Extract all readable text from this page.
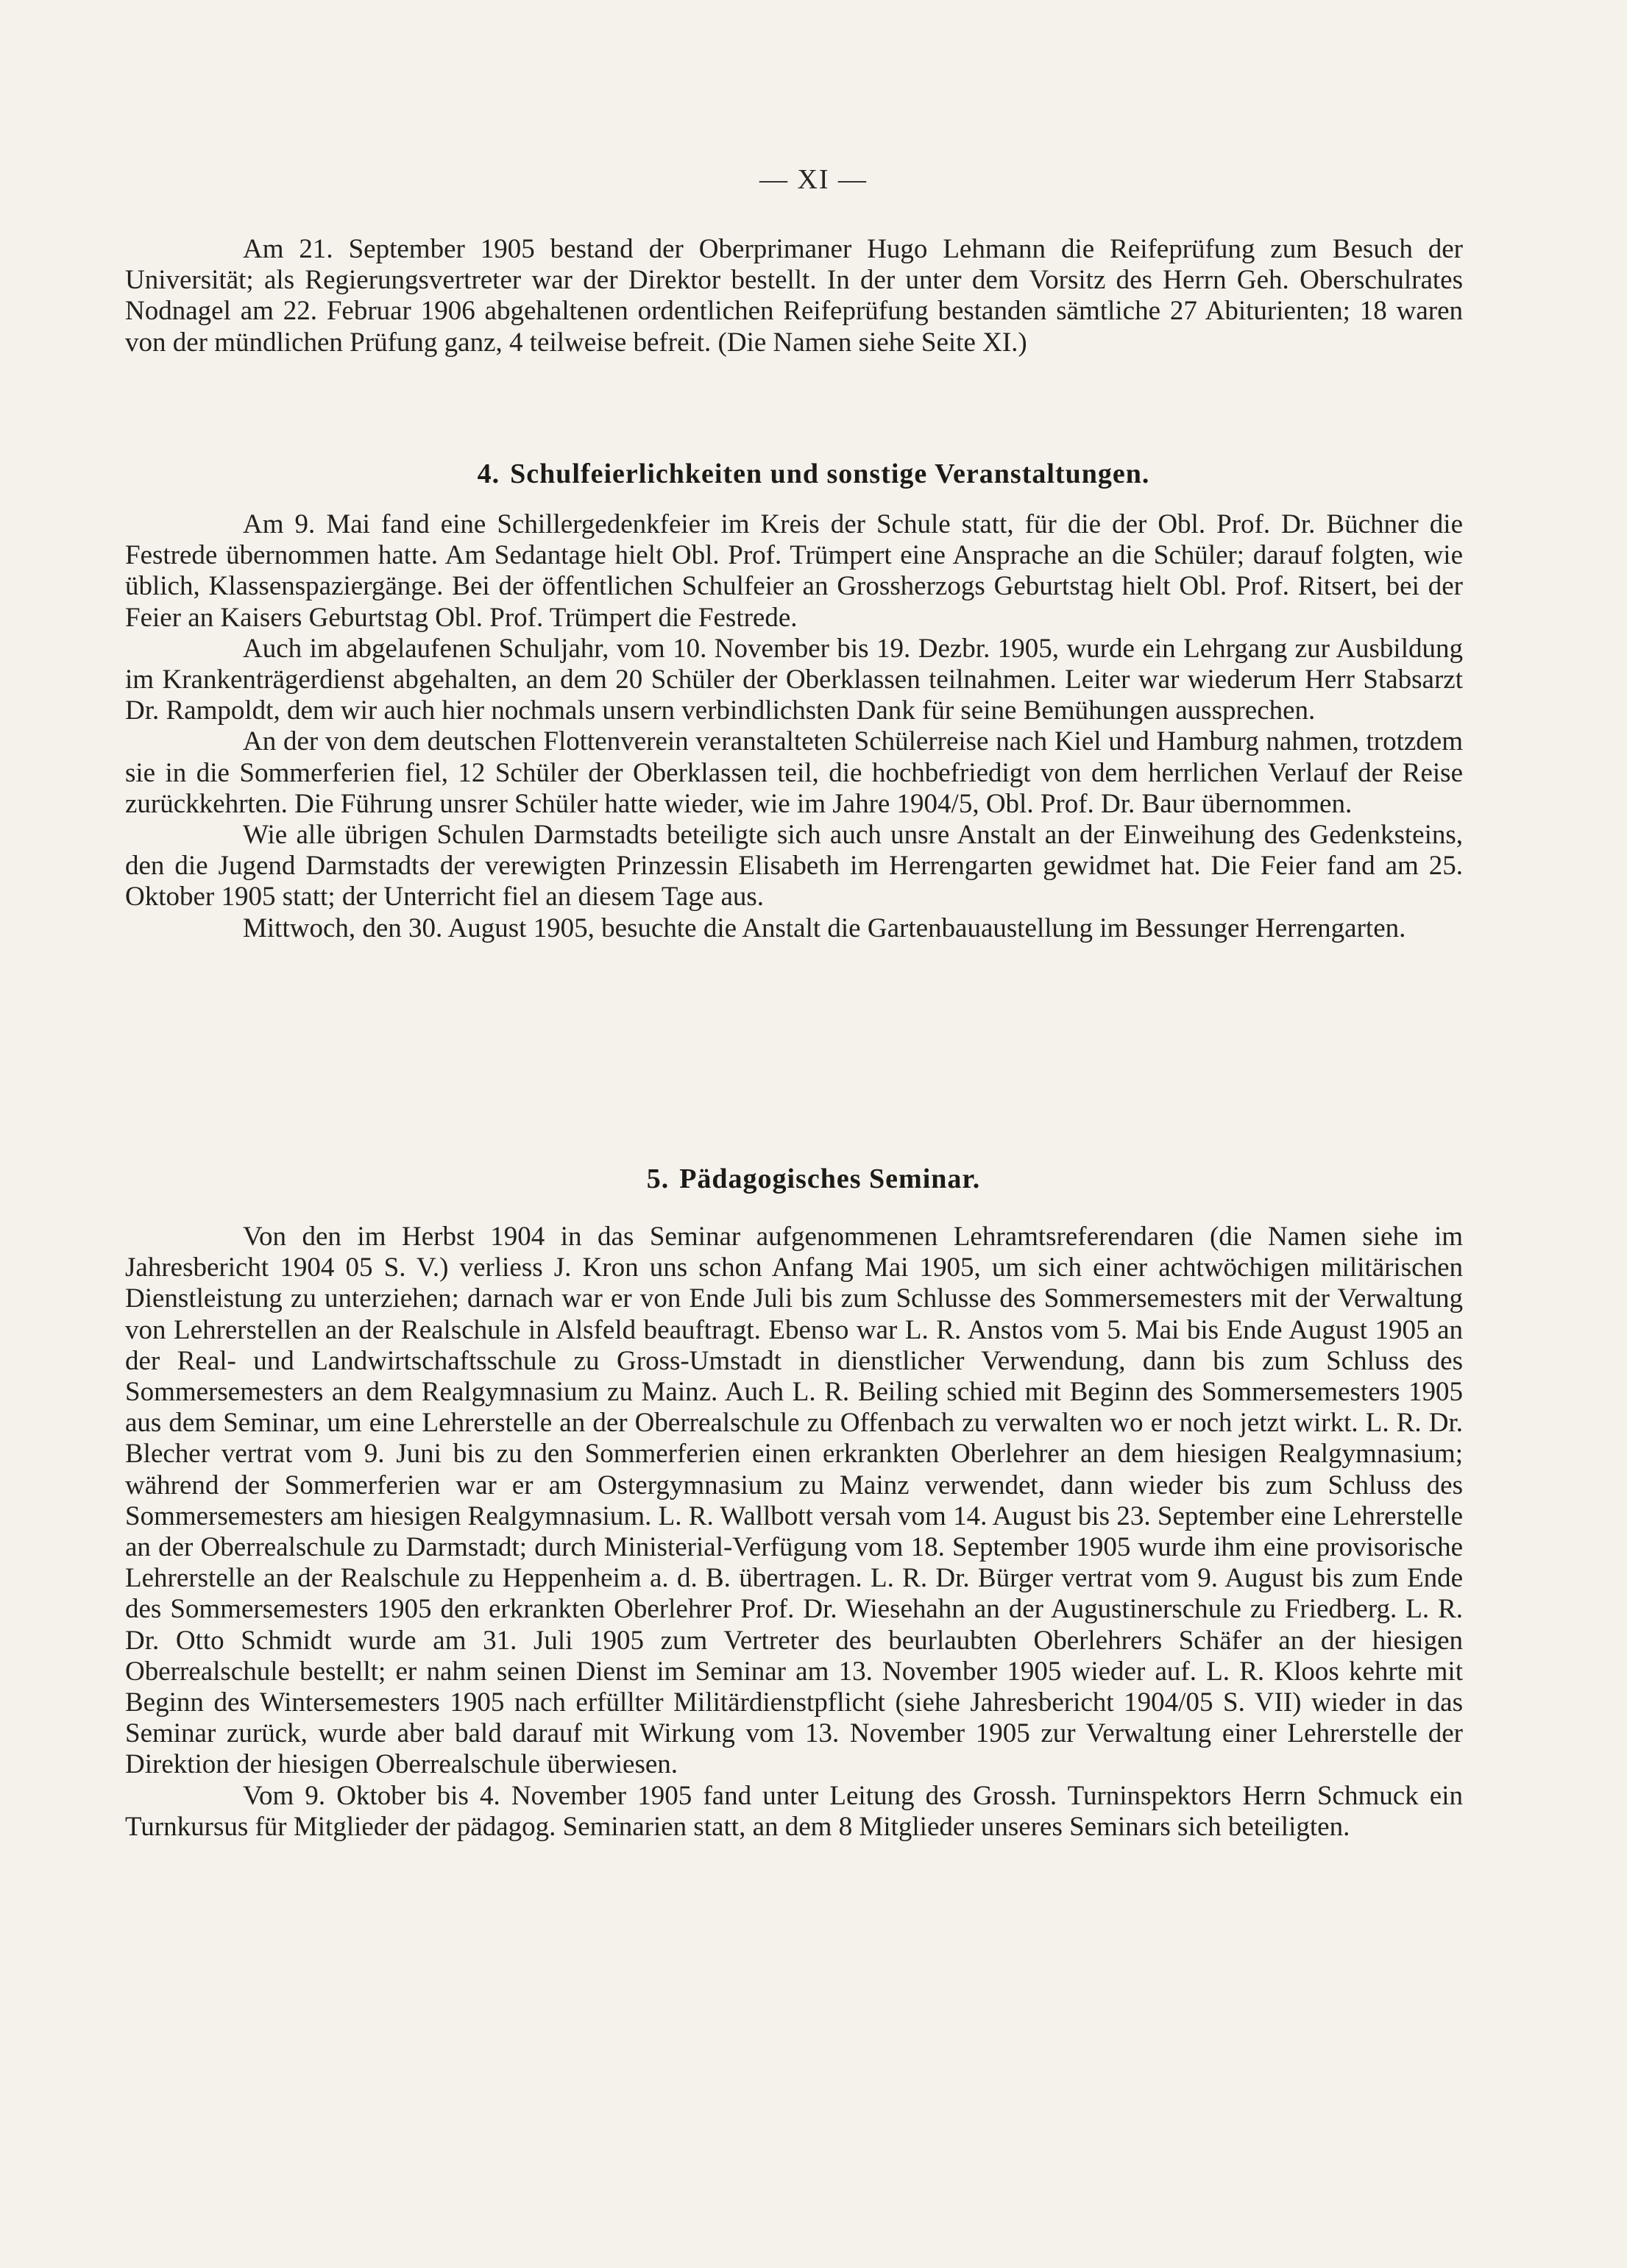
— XI —

Am 21. September 1905 bestand der Oberprimaner Hugo Lehmann die Reifeprüfung zum Besuch der Universität; als Regierungsvertreter war der Direktor bestellt. In der unter dem Vorsitz des Herrn Geh. Oberschulrates Nodnagel am 22. Februar 1906 abgehaltenen ordentlichen Reifeprüfung bestanden sämtliche 27 Abiturienten; 18 waren von der mündlichen Prüfung ganz, 4 teilweise befreit. (Die Namen siehe Seite XI.)

4. Schulfeierlichkeiten und sonstige Veranstaltungen.

Am 9. Mai fand eine Schillergedenkfeier im Kreis der Schule statt, für die der Obl. Prof. Dr. Büchner die Festrede übernommen hatte. Am Sedantage hielt Obl. Prof. Trümpert eine Ansprache an die Schüler; darauf folgten, wie üblich, Klassenspaziergänge. Bei der öffentlichen Schulfeier an Grossherzogs Geburtstag hielt Obl. Prof. Ritsert, bei der Feier an Kaisers Geburtstag Obl. Prof. Trümpert die Festrede.

Auch im abgelaufenen Schuljahr, vom 10. November bis 19. Dezbr. 1905, wurde ein Lehrgang zur Ausbildung im Krankenträgerdienst abgehalten, an dem 20 Schüler der Oberklassen teilnahmen. Leiter war wiederum Herr Stabsarzt Dr. Rampoldt, dem wir auch hier nochmals unsern verbindlichsten Dank für seine Bemühungen aussprechen.

An der von dem deutschen Flottenverein veranstalteten Schülerreise nach Kiel und Hamburg nahmen, trotzdem sie in die Sommerferien fiel, 12 Schüler der Oberklassen teil, die hochbefriedigt von dem herrlichen Verlauf der Reise zurückkehrten. Die Führung unsrer Schüler hatte wieder, wie im Jahre 1904/5, Obl. Prof. Dr. Baur übernommen.

Wie alle übrigen Schulen Darmstadts beteiligte sich auch unsre Anstalt an der Einweihung des Gedenksteins, den die Jugend Darmstadts der verewigten Prinzessin Elisabeth im Herrengarten gewidmet hat. Die Feier fand am 25. Oktober 1905 statt; der Unterricht fiel an diesem Tage aus.

Mittwoch, den 30. August 1905, besuchte die Anstalt die Gartenbauaustellung im Bessunger Herrengarten.

5. Pädagogisches Seminar.

Von den im Herbst 1904 in das Seminar aufgenommenen Lehramtsreferendaren (die Namen siehe im Jahresbericht 1904 05 S. V.) verliess J. Kron uns schon Anfang Mai 1905, um sich einer achtwöchigen militärischen Dienstleistung zu unterziehen; darnach war er von Ende Juli bis zum Schlusse des Sommersemesters mit der Verwaltung von Lehrerstellen an der Realschule in Alsfeld beauftragt. Ebenso war L. R. Anstos vom 5. Mai bis Ende August 1905 an der Real- und Landwirtschaftsschule zu Gross-Umstadt in dienstlicher Verwendung, dann bis zum Schluss des Sommersemesters an dem Realgymnasium zu Mainz. Auch L. R. Beiling schied mit Beginn des Sommersemesters 1905 aus dem Seminar, um eine Lehrerstelle an der Oberrealschule zu Offenbach zu verwalten wo er noch jetzt wirkt. L. R. Dr. Blecher vertrat vom 9. Juni bis zu den Sommerferien einen erkrankten Oberlehrer an dem hiesigen Realgymnasium; während der Sommerferien war er am Ostergymnasium zu Mainz verwendet, dann wieder bis zum Schluss des Sommersemesters am hiesigen Realgymnasium. L. R. Wallbott versah vom 14. August bis 23. September eine Lehrerstelle an der Oberrealschule zu Darmstadt; durch Ministerial-Verfügung vom 18. September 1905 wurde ihm eine provisorische Lehrerstelle an der Realschule zu Heppenheim a. d. B. übertragen. L. R. Dr. Bürger vertrat vom 9. August bis zum Ende des Sommersemesters 1905 den erkrankten Oberlehrer Prof. Dr. Wiesehahn an der Augustinerschule zu Friedberg. L. R. Dr. Otto Schmidt wurde am 31. Juli 1905 zum Vertreter des beurlaubten Oberlehrers Schäfer an der hiesigen Oberrealschule bestellt; er nahm seinen Dienst im Seminar am 13. November 1905 wieder auf. L. R. Kloos kehrte mit Beginn des Wintersemesters 1905 nach erfüllter Militärdienstpflicht (siehe Jahresbericht 1904/05 S. VII) wieder in das Seminar zurück, wurde aber bald darauf mit Wirkung vom 13. November 1905 zur Verwaltung einer Lehrerstelle der Direktion der hiesigen Oberrealschule überwiesen.

Vom 9. Oktober bis 4. November 1905 fand unter Leitung des Grossh. Turninspektors Herrn Schmuck ein Turnkursus für Mitglieder der pädagog. Seminarien statt, an dem 8 Mitglieder unseres Seminars sich beteiligten.
